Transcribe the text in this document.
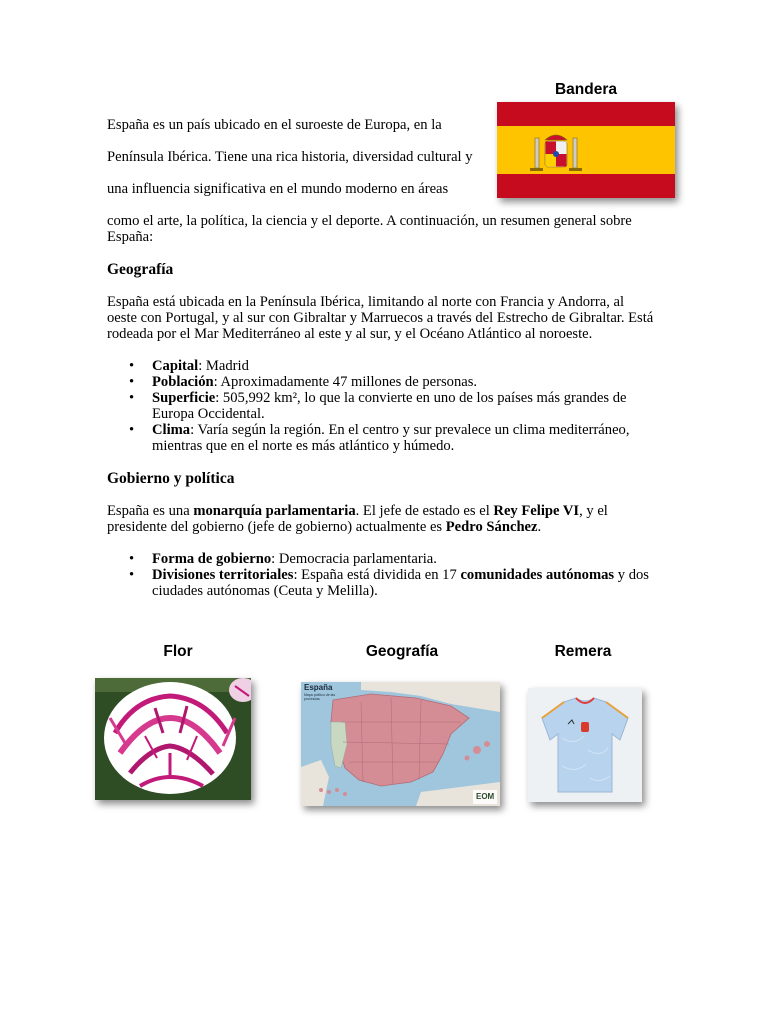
Bandera

España es un país ubicado en el suroeste de Europa, en la

Península Ibérica. Tiene una rica historia, diversidad cultural y

una influencia significativa en el mundo moderno en áreas

como el arte, la política, la ciencia y el deporte. A continuación, un resumen general sobre España:

Geografía

España está ubicada en la Península Ibérica, limitando al norte con Francia y Andorra, al oeste con Portugal, y al sur con Gibraltar y Marruecos a través del Estrecho de Gibraltar. Está rodeada por el Mar Mediterráneo al este y al sur, y el Océano Atlántico al noroeste.

• Capital: Madrid
• Población: Aproximadamente 47 millones de personas.
• Superficie: 505,992 km², lo que la convierte en uno de los países más grandes de Europa Occidental.
• Clima: Varía según la región. En el centro y sur prevalece un clima mediterráneo, mientras que en el norte es más atlántico y húmedo.
Gobierno y política

España es una monarquía parlamentaria. El jefe de estado es el Rey Felipe VI, y el presidente del gobierno (jefe de gobierno) actualmente es Pedro Sánchez.

• Forma de gobierno: Democracia parlamentaria.
• Divisiones territoriales: España está dividida en 17 comunidades autónomas y dos ciudades autónomas (Ceuta y Melilla).
Flor	Geografía	Remera
España
Mapa político de las provincias
EOM
